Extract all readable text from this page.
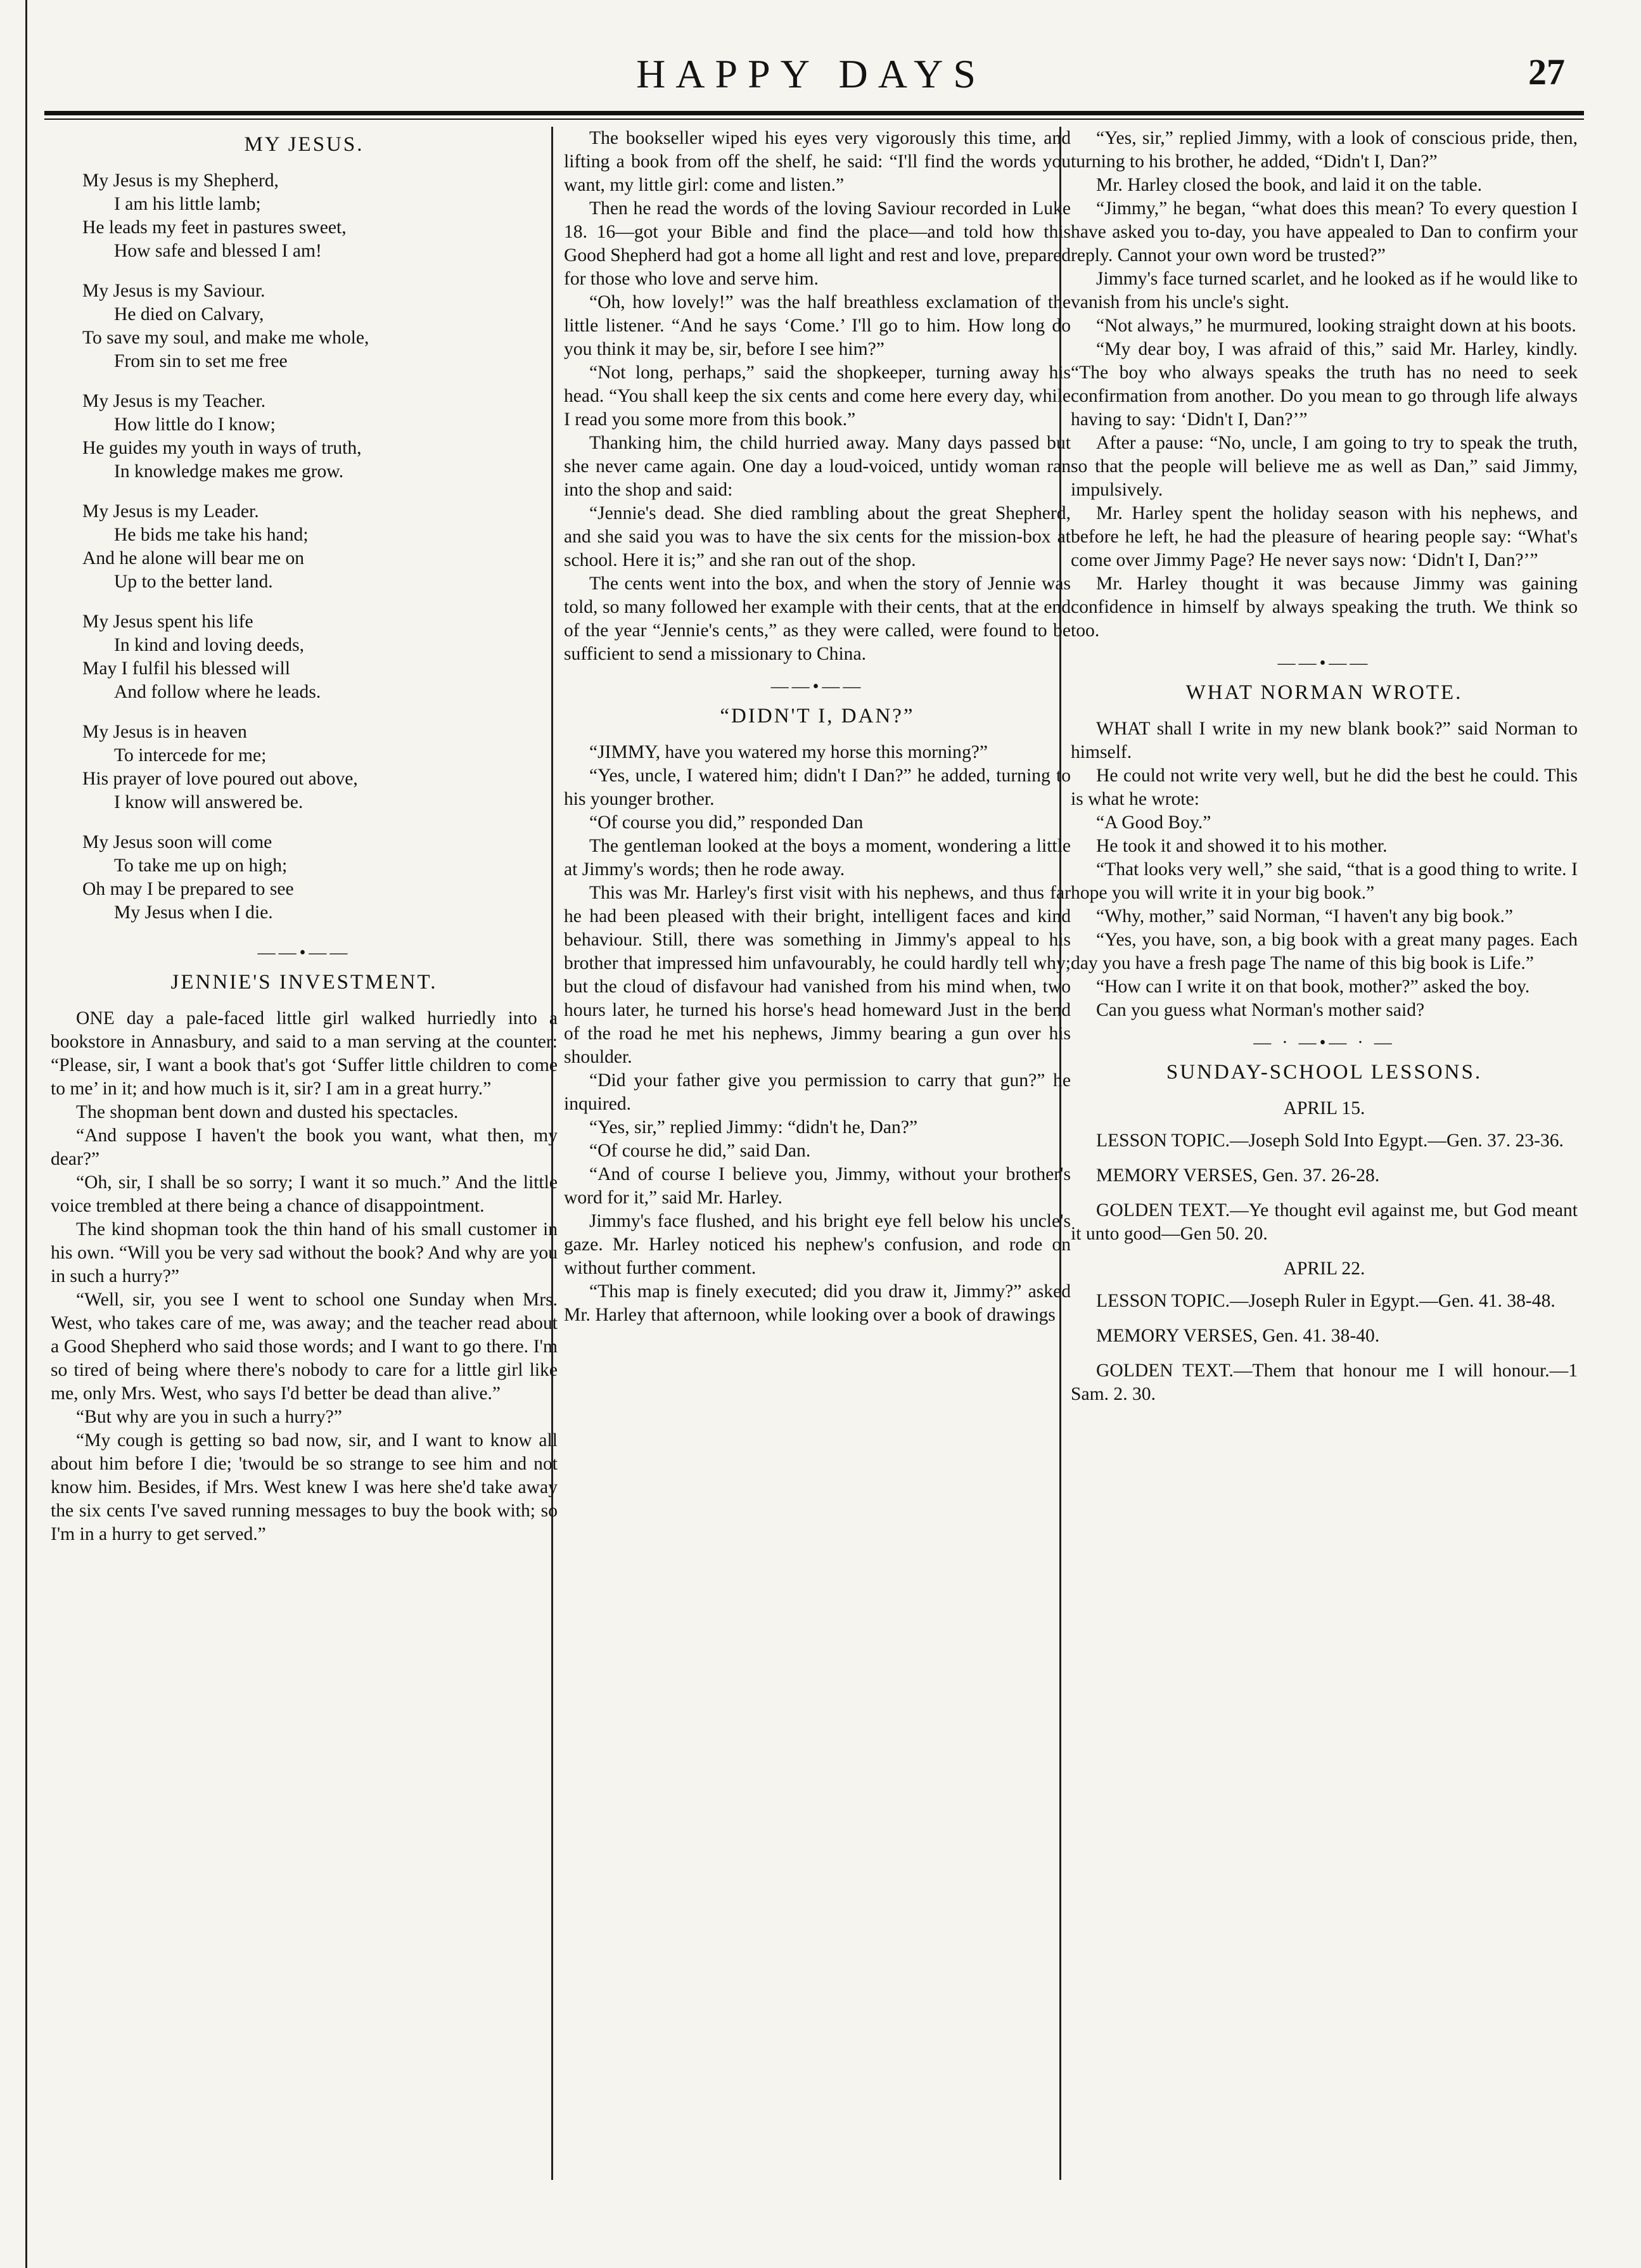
HAPPY DAYS	27
MY JESUS.

My Jesus is my Shepherd,

I am his little lamb;

He leads my feet in pastures sweet,

How safe and blessed I am!

My Jesus is my Saviour.

He died on Calvary,

To save my soul, and make me whole,

From sin to set me free

My Jesus is my Teacher.

How little do I know;

He guides my youth in ways of truth,

In knowledge makes me grow.

My Jesus is my Leader.

He bids me take his hand;

And he alone will bear me on

Up to the better land.

My Jesus spent his life

In kind and loving deeds,

May I fulfil his blessed will

And follow where he leads.

My Jesus is in heaven

To intercede for me;

His prayer of love poured out above,

I know will answered be.

My Jesus soon will come

To take me up on high;

Oh may I be prepared to see

My Jesus when I die.

——•——
JENNIE'S INVESTMENT.

ONE day a pale-faced little girl walked hurriedly into a bookstore in Annasbury, and said to a man serving at the counter: “Please, sir, I want a book that's got ‘Suffer little children to come to me’ in it; and how much is it, sir? I am in a great hurry.”

The shopman bent down and dusted his spectacles.

“And suppose I haven't the book you want, what then, my dear?”

“Oh, sir, I shall be so sorry; I want it so much.” And the little voice trembled at there being a chance of disappointment.

The kind shopman took the thin hand of his small customer in his own. “Will you be very sad without the book? And why are you in such a hurry?”

“Well, sir, you see I went to school one Sunday when Mrs. West, who takes care of me, was away; and the teacher read about a Good Shepherd who said those words; and I want to go there. I'm so tired of being where there's nobody to care for a little girl like me, only Mrs. West, who says I'd better be dead than alive.”

“But why are you in such a hurry?”

“My cough is getting so bad now, sir, and I want to know all about him before I die; 'twould be so strange to see him and not know him. Besides, if Mrs. West knew I was here she'd take away the six cents I've saved running messages to buy the book with; so I'm in a hurry to get served.”

The bookseller wiped his eyes very vigorously this time, and lifting a book from off the shelf, he said: “I'll find the words you want, my little girl: come and listen.”

Then he read the words of the loving Saviour recorded in Luke 18. 16—got your Bible and find the place—and told how this Good Shepherd had got a home all light and rest and love, prepared for those who love and serve him.

“Oh, how lovely!” was the half breathless exclamation of the little listener. “And he says ‘Come.’ I'll go to him. How long do you think it may be, sir, before I see him?”

“Not long, perhaps,” said the shopkeeper, turning away his head. “You shall keep the six cents and come here every day, while I read you some more from this book.”

Thanking him, the child hurried away. Many days passed but she never came again. One day a loud-voiced, untidy woman ran into the shop and said:

“Jennie's dead. She died rambling about the great Shepherd, and she said you was to have the six cents for the mission-box at school. Here it is;” and she ran out of the shop.

The cents went into the box, and when the story of Jennie was told, so many followed her example with their cents, that at the end of the year “Jennie's cents,” as they were called, were found to be sufficient to send a missionary to China.

——•——
“DIDN'T I, DAN?”

“JIMMY, have you watered my horse this morning?”

“Yes, uncle, I watered him; didn't I Dan?” he added, turning to his younger brother.

“Of course you did,” responded Dan

The gentleman looked at the boys a moment, wondering a little at Jimmy's words; then he rode away.

This was Mr. Harley's first visit with his nephews, and thus far he had been pleased with their bright, intelligent faces and kind behaviour. Still, there was something in Jimmy's appeal to his brother that impressed him unfavourably, he could hardly tell why; but the cloud of disfavour had vanished from his mind when, two hours later, he turned his horse's head homeward Just in the bend of the road he met his nephews, Jimmy bearing a gun over his shoulder.

“Did your father give you permission to carry that gun?” he inquired.

“Yes, sir,” replied Jimmy: “didn't he, Dan?”

“Of course he did,” said Dan.

“And of course I believe you, Jimmy, without your brother's word for it,” said Mr. Harley.

Jimmy's face flushed, and his bright eye fell below his uncle's gaze. Mr. Harley noticed his nephew's confusion, and rode on without further comment.

“This map is finely executed; did you draw it, Jimmy?” asked Mr. Harley that afternoon, while looking over a book of drawings

“Yes, sir,” replied Jimmy, with a look of conscious pride, then, turning to his brother, he added, “Didn't I, Dan?”

Mr. Harley closed the book, and laid it on the table.

“Jimmy,” he began, “what does this mean? To every question I have asked you to-day, you have appealed to Dan to confirm your reply. Cannot your own word be trusted?”

Jimmy's face turned scarlet, and he looked as if he would like to vanish from his uncle's sight.

“Not always,” he murmured, looking straight down at his boots.

“My dear boy, I was afraid of this,” said Mr. Harley, kindly. “The boy who always speaks the truth has no need to seek confirmation from another. Do you mean to go through life always having to say: ‘Didn't I, Dan?’”

After a pause: “No, uncle, I am going to try to speak the truth, so that the people will believe me as well as Dan,” said Jimmy, impulsively.

Mr. Harley spent the holiday season with his nephews, and before he left, he had the pleasure of hearing people say: “What's come over Jimmy Page? He never says now: ‘Didn't I, Dan?’”

Mr. Harley thought it was because Jimmy was gaining confidence in himself by always speaking the truth. We think so too.

——•——
WHAT NORMAN WROTE.

WHAT shall I write in my new blank book?” said Norman to himself.

He could not write very well, but he did the best he could. This is what he wrote:

“A Good Boy.”

He took it and showed it to his mother.

“That looks very well,” she said, “that is a good thing to write. I hope you will write it in your big book.”

“Why, mother,” said Norman, “I haven't any big book.”

“Yes, you have, son, a big book with a great many pages. Each day you have a fresh page The name of this big book is Life.”

“How can I write it on that book, mother?” asked the boy.

Can you guess what Norman's mother said?

— · —•— · —
SUNDAY-SCHOOL LESSONS.
APRIL 15.

LESSON TOPIC.—Joseph Sold Into Egypt.—Gen. 37. 23-36.

MEMORY VERSES, Gen. 37. 26-28.

GOLDEN TEXT.—Ye thought evil against me, but God meant it unto good—Gen 50. 20.

APRIL 22.

LESSON TOPIC.—Joseph Ruler in Egypt.—Gen. 41. 38-48.

MEMORY VERSES, Gen. 41. 38-40.

GOLDEN TEXT.—Them that honour me I will honour.—1 Sam. 2. 30.
